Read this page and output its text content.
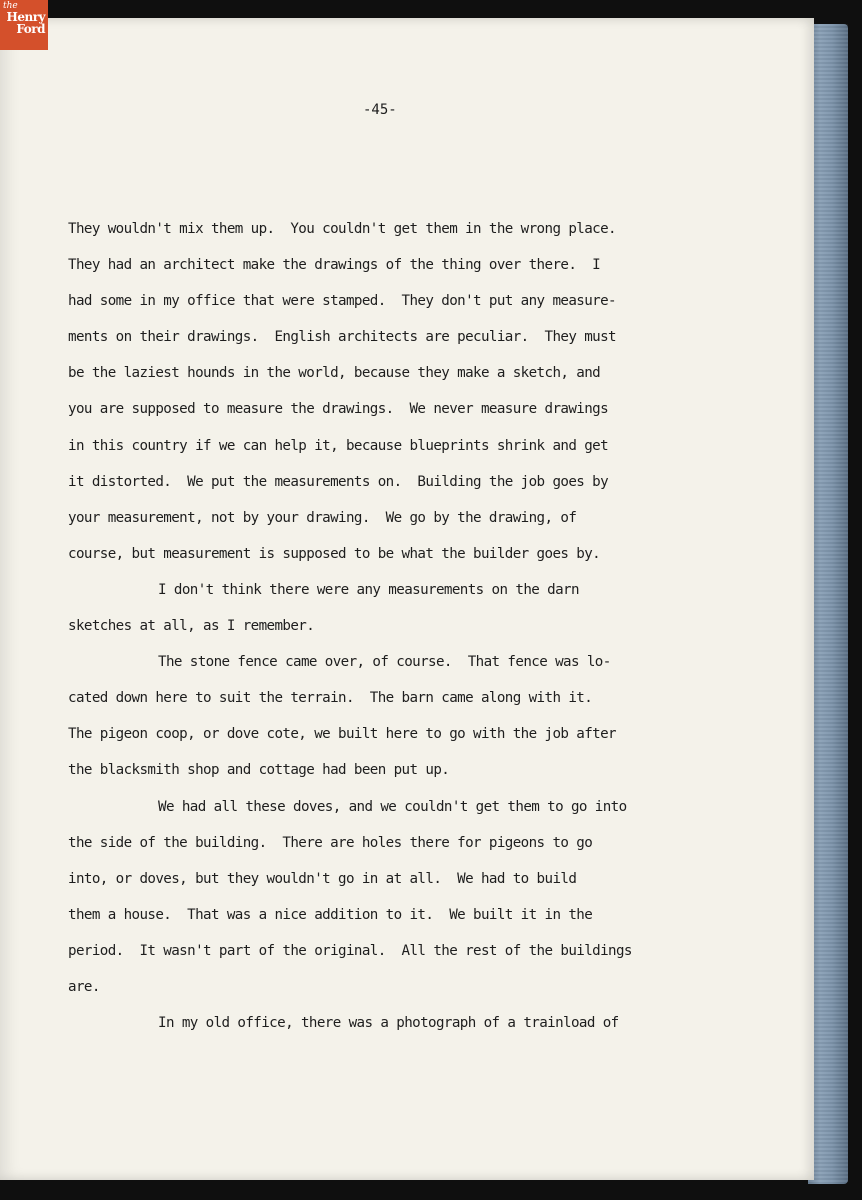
-45-
They wouldn't mix them up.  You couldn't get them in the wrong place.
They had an architect make the drawings of the thing over there.  I
had some in my office that were stamped.  They don't put any measure-
ments on their drawings.  English architects are peculiar.  They must
be the laziest hounds in the world, because they make a sketch, and
you are supposed to measure the drawings.  We never measure drawings
in this country if we can help it, because blueprints shrink and get
it distorted.  We put the measurements on.  Building the job goes by
your measurement, not by your drawing.  We go by the drawing, of
course, but measurement is supposed to be what the builder goes by.
I don't think there were any measurements on the darn
sketches at all, as I remember.
The stone fence came over, of course.  That fence was lo-
cated down here to suit the terrain.  The barn came along with it.
The pigeon coop, or dove cote, we built here to go with the job after
the blacksmith shop and cottage had been put up.
We had all these doves, and we couldn't get them to go into
the side of the building.  There are holes there for pigeons to go
into, or doves, but they wouldn't go in at all.  We had to build
them a house.  That was a nice addition to it.  We built it in the
period.  It wasn't part of the original.  All the rest of the buildings
are.
In my old office, there was a photograph of a trainload of
the
Henry
Ford
